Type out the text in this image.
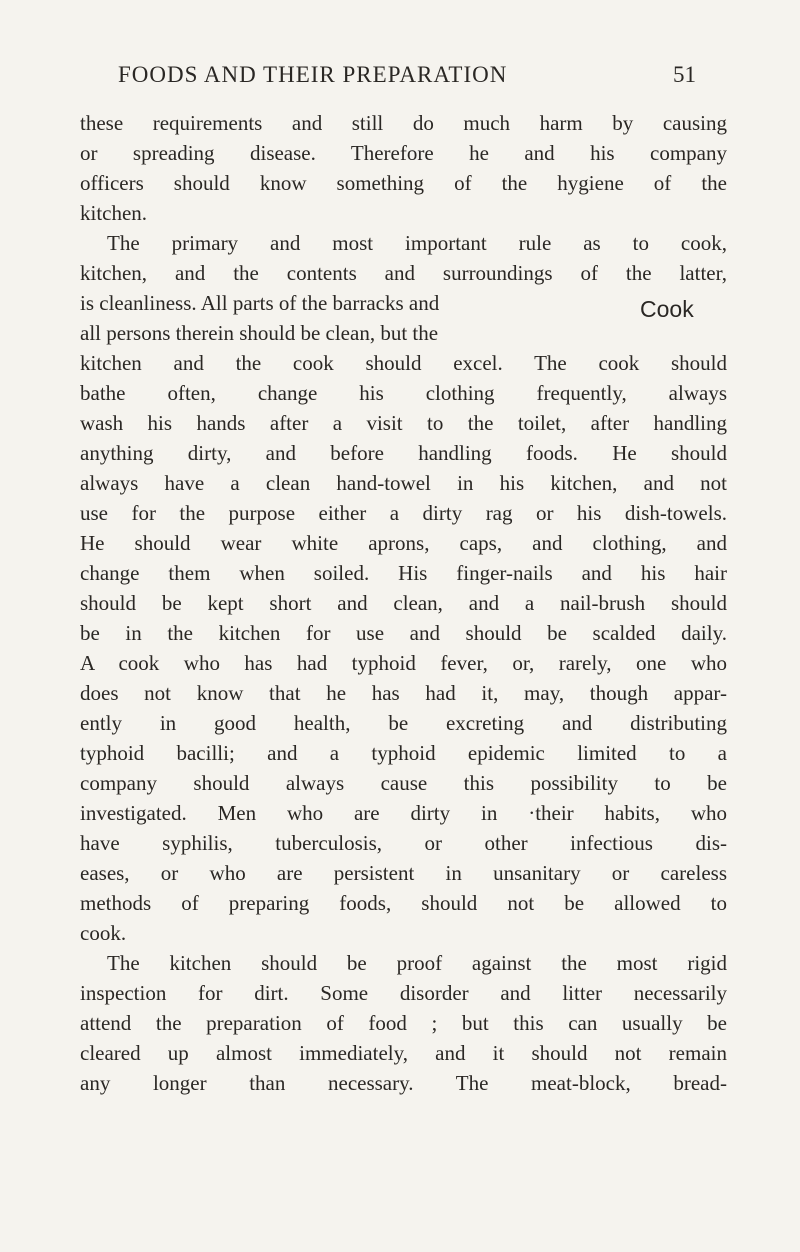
FOODS AND THEIR PREPARATION	51
these requirements and still do much harm by causing
or spreading disease. Therefore he and his company
officers should know something of the hygiene of the
kitchen.
The primary and most important rule as to cook,
kitchen, and the contents and surroundings of the latter,
is cleanliness. All parts of the barracks and
all persons therein should be clean, but the
kitchen and the cook should excel. The cook should
bathe often, change his clothing frequently, always
wash his hands after a visit to the toilet, after handling
anything dirty, and before handling foods. He should
always have a clean hand-towel in his kitchen, and not
use for the purpose either a dirty rag or his dish-towels.
He should wear white aprons, caps, and clothing, and
change them when soiled. His finger-nails and his hair
should be kept short and clean, and a nail-brush should
be in the kitchen for use and should be scalded daily.
A cook who has had typhoid fever, or, rarely, one who
does not know that he has had it, may, though appar-
ently in good health, be excreting and distributing
typhoid bacilli; and a typhoid epidemic limited to a
company should always cause this possibility to be
investigated. Men who are dirty in ·their habits, who
have syphilis, tuberculosis, or other infectious dis-
eases, or who are persistent in unsanitary or careless
methods of preparing foods, should not be allowed to
cook.
The kitchen should be proof against the most rigid
inspection for dirt. Some disorder and litter necessarily
attend the preparation of food ; but this can usually be
cleared up almost immediately, and it should not remain
any longer than necessary. The meat-block, bread-
Cook
